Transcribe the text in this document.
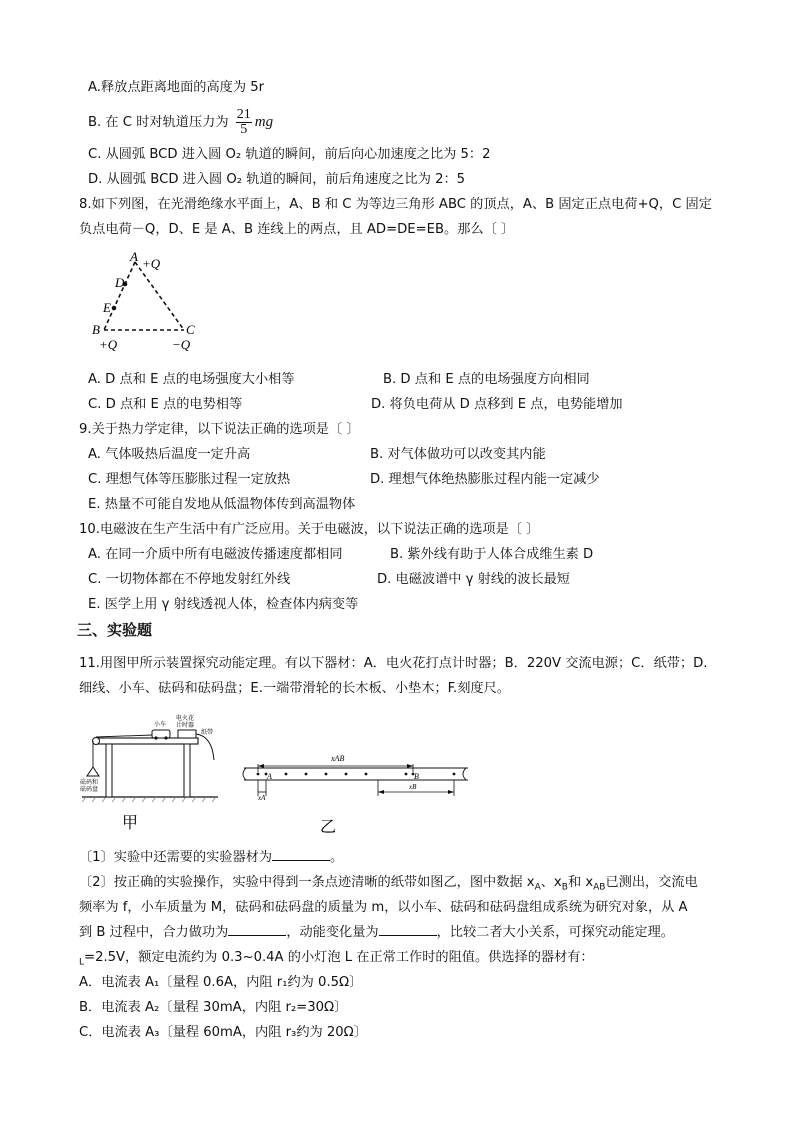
A.释放点距离地面的高度为 5r
B. 在 C 时对轨道压力为 $\frac{21}{5}$ mg
C. 从圆弧 BCD 进入圆 O₂ 轨道的瞬间，前后向心加速度之比为 5：2
D. 从圆弧 BCD 进入圆 O₂ 轨道的瞬间，前后角速度之比为 2：5
8.如下列图，在光滑绝缘水平面上，A、B 和 C 为等边三角形 ABC 的顶点，A、B 固定正点电荷+Q，C 固定
负点电荷－Q，D、E 是 A、B 连线上的两点，且 AD=DE=EB。那么〔 〕
A +Q
D
E
B	C
+Q	−Q
A. D 点和 E 点的电场强度大小相等	B. D 点和 E 点的电场强度方向相同
C. D 点和 E 点的电势相等	D. 将负电荷从 D 点移到 E 点，电势能增加
9.关于热力学定律，以下说法正确的选项是〔 〕
A. 气体吸热后温度一定升高	B. 对气体做功可以改变其内能
C. 理想气体等压膨胀过程一定放热	D. 理想气体绝热膨胀过程内能一定减少
E. 热量不可能自发地从低温物体传到高温物体
10.电磁波在生产生活中有广泛应用。关于电磁波，以下说法正确的选项是〔 〕
A. 在同一介质中所有电磁波传播速度都相同	B. 紫外线有助于人体合成维生素 D
C. 一切物体都在不停地发射红外线	D. 电磁波谱中 γ 射线的波长最短
E. 医学上用 γ 射线透视人体，检查体内病变等
三、实验题
11.用图甲所示装置探究动能定理。有以下器材：A．电火花打点计时器；B．220V 交流电源；C．纸带；D.
细线、小车、砝码和砝码盘；E.一端带滑轮的长木板、小垫木；F.刻度尺。
小车
电火花
计时器
纸带
砝码和
砝码盘
甲
xAB
A	B
xA
xB
乙
〔1〕实验中还需要的实验器材为	。
〔2〕按正确的实验操作，实验中得到一条点迹清晰的纸带如图乙，图中数据 $x_A$、$x_B$和 $x_{AB}$已测出，交流电
频率为 f，小车质量为 M，砝码和砝码盘的质量为 m，以小车、砝码和砝码盘组成系统为研究对象，从 A
到 B 过程中，合力做功为	，动能变化量为	，比较二者大小关系，可探究动能定理。
$_L$=2.5V，额定电流约为 0.3~0.4A 的小灯泡 L 在正常工作时的阻值。供选择的器材有：
A．电流表 A₁〔量程 0.6A，内阻 r₁约为 0.5Ω〕
B．电流表 A₂〔量程 30mA，内阻 r₂=30Ω〕
C．电流表 A₃〔量程 60mA，内阻 r₃约为 20Ω〕
